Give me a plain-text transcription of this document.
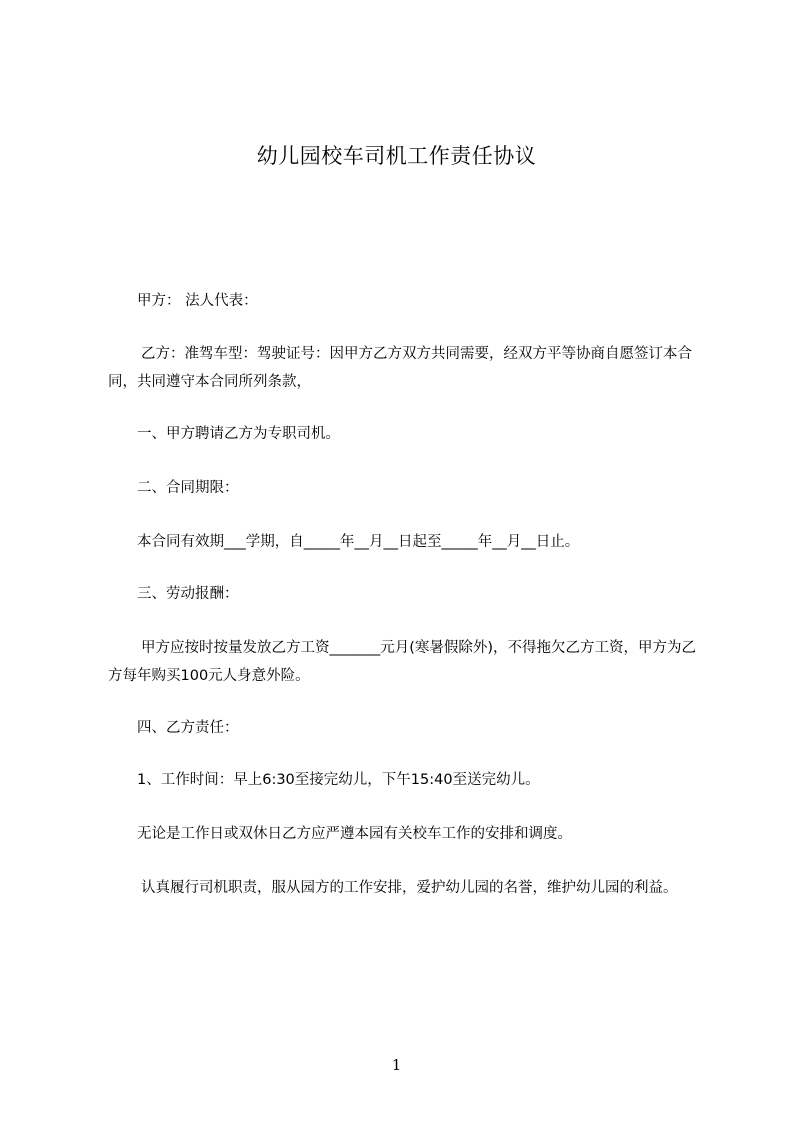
幼儿园校车司机工作责任协议

甲方： 法人代表：

乙方：准驾车型：驾驶证号：因甲方乙方双方共同需要，经双方平等协商自愿签订本合同，共同遵守本合同所列条款，

一、甲方聘请乙方为专职司机。

二、合同期限：

本合同有效期___学期，自_____年__月__日起至_____年__月__日止。

三、劳动报酬：

甲方应按时按量发放乙方工资_______元月(寒暑假除外)，不得拖欠乙方工资，甲方为乙方每年购买100元人身意外险。

四、乙方责任：

1、工作时间：早上6:30至接完幼儿，下午15:40至送完幼儿。

无论是工作日或双休日乙方应严遵本园有关校车工作的安排和调度。

认真履行司机职责，服从园方的工作安排，爱护幼儿园的名誉，维护幼儿园的利益。

1
